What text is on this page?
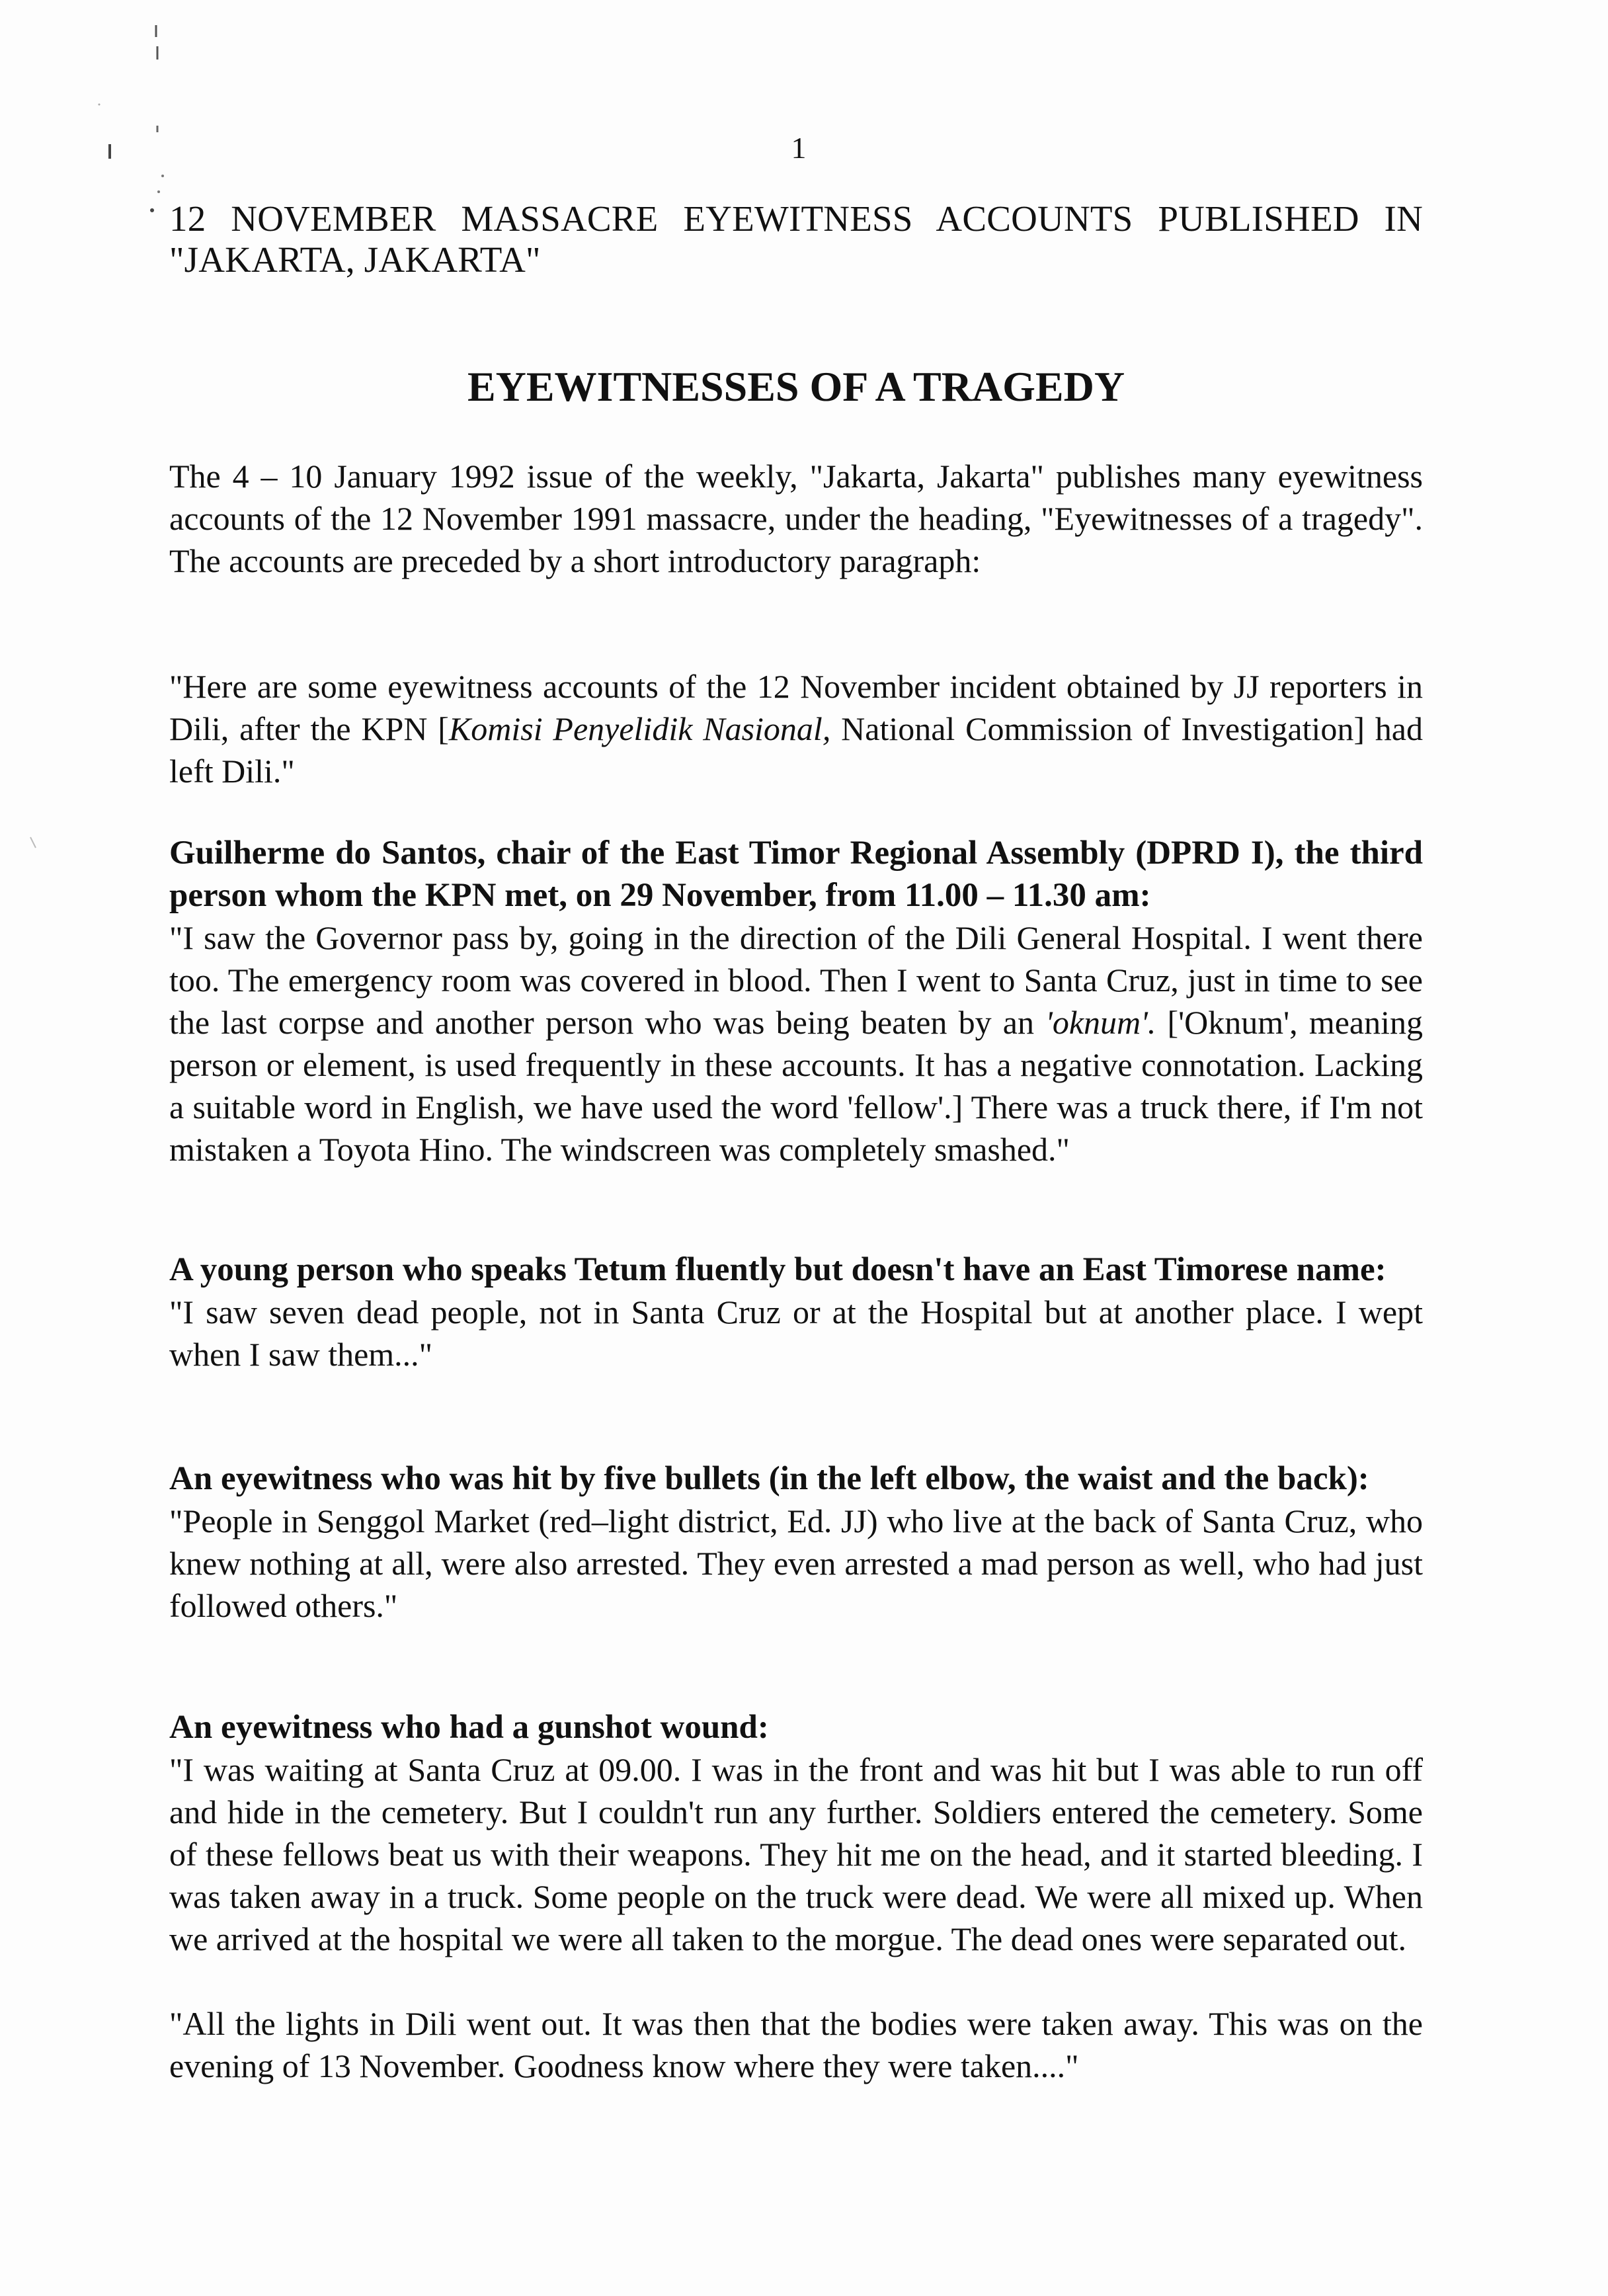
1
12 NOVEMBER MASSACRE EYEWITNESS ACCOUNTS PUBLISHED IN "JAKARTA, JAKARTA"
EYEWITNESSES OF A TRAGEDY

The 4 – 10 January 1992 issue of the weekly, "Jakarta, Jakarta" publishes many eyewitness accounts of the 12 November 1991 massacre, under the heading, "Eyewitnesses of a tragedy". The accounts are preceded by a short introductory paragraph:

"Here are some eyewitness accounts of the 12 November incident obtained by JJ reporters in Dili, after the KPN [Komisi Penyelidik Nasional, National Commission of Investigation] had left Dili."

Guilherme do Santos, chair of the East Timor Regional Assembly (DPRD I), the third person whom the KPN met, on 29 November, from 11.00 – 11.30 am:

"I saw the Governor pass by, going in the direction of the Dili General Hospital. I went there too. The emergency room was covered in blood. Then I went to Santa Cruz, just in time to see the last corpse and another person who was being beaten by an 'oknum'. ['Oknum', meaning person or element, is used frequently in these accounts. It has a negative connotation. Lacking a suitable word in English, we have used the word 'fellow'.] There was a truck there, if I'm not mistaken a Toyota Hino. The windscreen was completely smashed."

A young person who speaks Tetum fluently but doesn't have an East Timorese name:

"I saw seven dead people, not in Santa Cruz or at the Hospital but at another place. I wept when I saw them..."

An eyewitness who was hit by five bullets (in the left elbow, the waist and the back):

"People in Senggol Market (red–light district, Ed. JJ) who live at the back of Santa Cruz, who knew nothing at all, were also arrested. They even arrested a mad person as well, who had just followed others."

An eyewitness who had a gunshot wound:

"I was waiting at Santa Cruz at 09.00. I was in the front and was hit but I was able to run off and hide in the cemetery. But I couldn't run any further. Soldiers entered the cemetery. Some of these fellows beat us with their weapons. They hit me on the head, and it started bleeding. I was taken away in a truck. Some people on the truck were dead. We were all mixed up. When we arrived at the hospital we were all taken to the morgue. The dead ones were separated out.

"All the lights in Dili went out. It was then that the bodies were taken away. This was on the evening of 13 November. Goodness know where they were taken...."
